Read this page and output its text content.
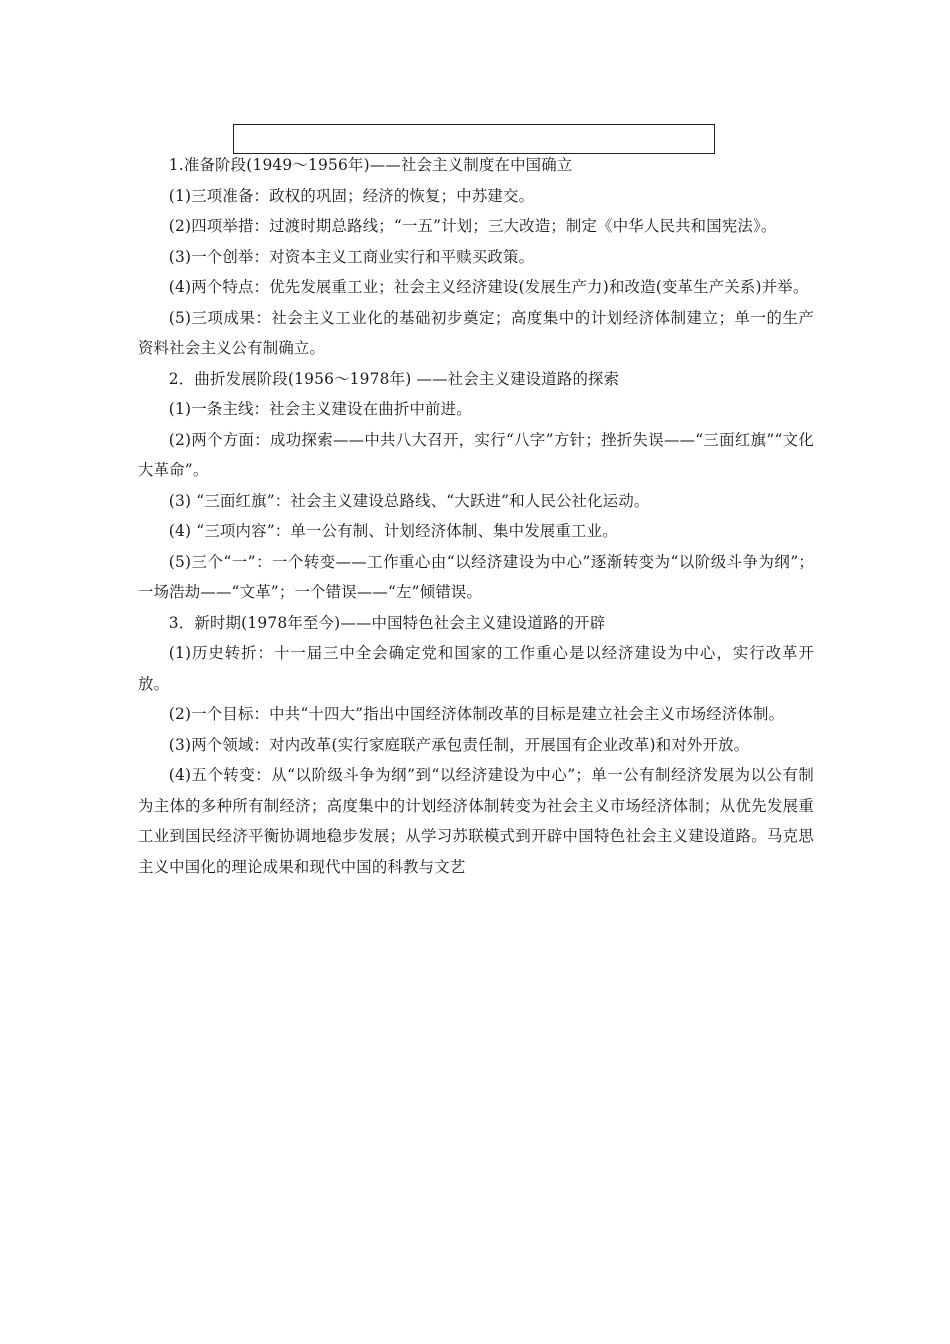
1.准备阶段(1949～1956年)——社会主义制度在中国确立

(1)三项准备：政权的巩固；经济的恢复；中苏建交。

(2)四项举措：过渡时期总路线；“一五”计划；三大改造；制定《中华人民共和国宪法》。

(3)一个创举：对资本主义工商业实行和平赎买政策。

(4)两个特点：优先发展重工业；社会主义经济建设(发展生产力)和改造(变革生产关系)并举。

(5)三项成果：社会主义工业化的基础初步奠定；高度集中的计划经济体制建立；单一的生产资料社会主义公有制确立。

2．曲折发展阶段(1956～1978年) ——社会主义建设道路的探索

(1)一条主线：社会主义建设在曲折中前进。

(2)两个方面：成功探索——中共八大召开，实行“八字”方针；挫折失误——“三面红旗”“文化大革命”。

(3) “三面红旗”：社会主义建设总路线、“大跃进”和人民公社化运动。

(4) “三项内容”：单一公有制、计划经济体制、集中发展重工业。

(5)三个“一”：一个转变——工作重心由“以经济建设为中心”逐渐转变为“以阶级斗争为纲”；一场浩劫——“文革”；一个错误——“左”倾错误。

3．新时期(1978年至今)——中国特色社会主义建设道路的开辟

(1)历史转折：十一届三中全会确定党和国家的工作重心是以经济建设为中心，实行改革开放。

(2)一个目标：中共“十四大”指出中国经济体制改革的目标是建立社会主义市场经济体制。

(3)两个领域：对内改革(实行家庭联产承包责任制，开展国有企业改革)和对外开放。

(4)五个转变：从“以阶级斗争为纲”到“以经济建设为中心”；单一公有制经济发展为以公有制为主体的多种所有制经济；高度集中的计划经济体制转变为社会主义市场经济体制；从优先发展重工业到国民经济平衡协调地稳步发展；从学习苏联模式到开辟中国特色社会主义建设道路。马克思主义中国化的理论成果和现代中国的科教与文艺
